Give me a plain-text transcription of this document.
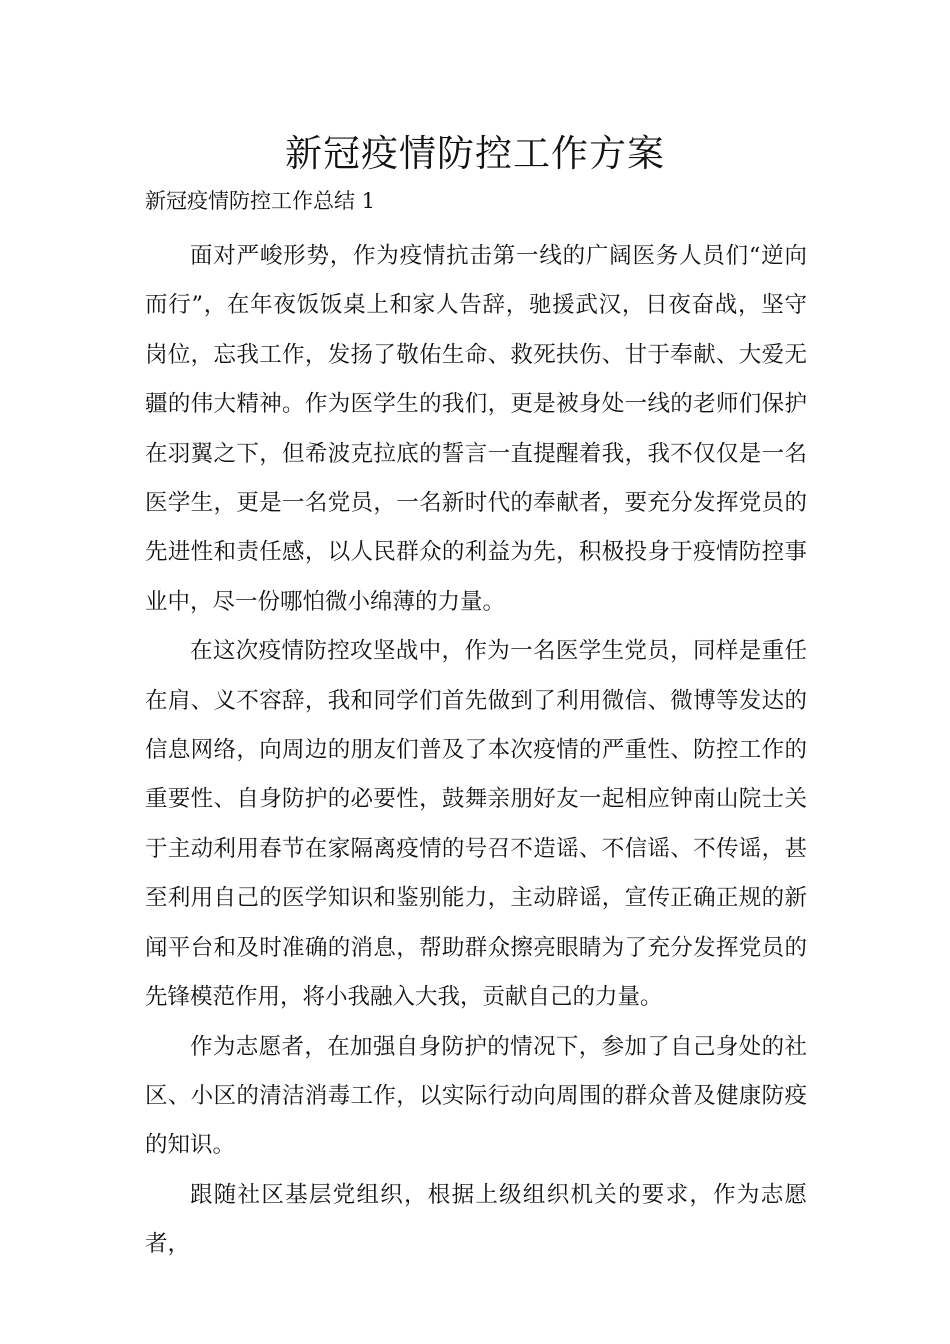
新冠疫情防控工作方案

新冠疫情防控工作总结 1

面对严峻形势，作为疫情抗击第一线的广阔医务人员们“逆向而行”，在年夜饭饭桌上和家人告辞，驰援武汉，日夜奋战，坚守岗位，忘我工作，发扬了敬佑生命、救死扶伤、甘于奉献、大爱无疆的伟大精神。作为医学生的我们，更是被身处一线的老师们保护在羽翼之下，但希波克拉底的誓言一直提醒着我，我不仅仅是一名医学生，更是一名党员，一名新时代的奉献者，要充分发挥党员的先进性和责任感，以人民群众的利益为先，积极投身于疫情防控事业中，尽一份哪怕微小绵薄的力量。

在这次疫情防控攻坚战中，作为一名医学生党员，同样是重任在肩、义不容辞，我和同学们首先做到了利用微信、微博等发达的信息网络，向周边的朋友们普及了本次疫情的严重性、防控工作的重要性、自身防护的必要性，鼓舞亲朋好友一起相应钟南山院士关于主动利用春节在家隔离疫情的号召不造谣、不信谣、不传谣，甚至利用自己的医学知识和鉴别能力，主动辟谣，宣传正确正规的新闻平台和及时准确的消息，帮助群众擦亮眼睛为了充分发挥党员的先锋模范作用，将小我融入大我，贡献自己的力量。

作为志愿者，在加强自身防护的情况下，参加了自己身处的社区、小区的清洁消毒工作，以实际行动向周围的群众普及健康防疫的知识。

跟随社区基层党组织，根据上级组织机关的要求，作为志愿者，
